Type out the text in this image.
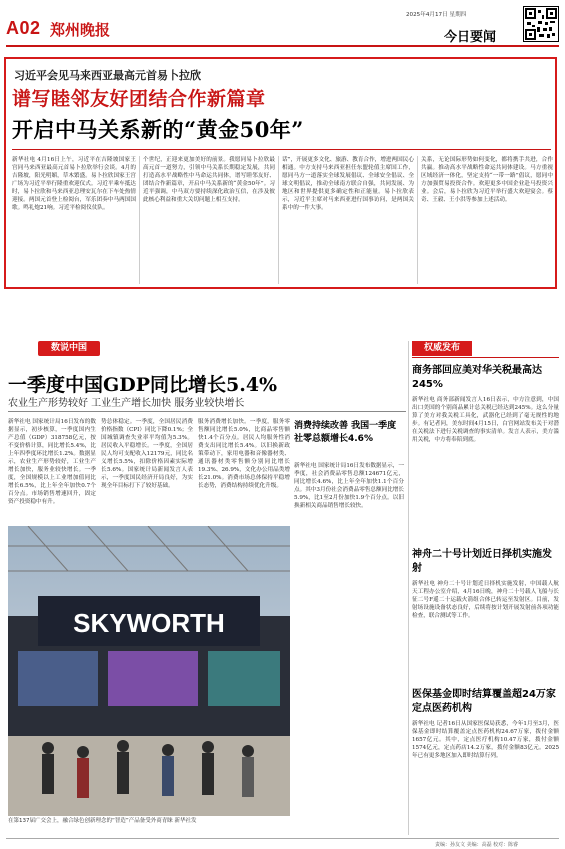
A02 郑州晚报
2025年4月17日 星期四
今日要闻
习近平会见马来西亚最高元首易卜拉欣
谱写睦邻友好团结合作新篇章
开启中马关系新的“黄金50年”
新华社电 4月16日上午，习近平在吉隆坡国家王宫同马来西亚最高元首易卜拉欣举行会谈。4月的吉隆坡，阳光明媚，草木繁盛。易卜拉欣国家王宫广场为习近平举行隆重欢迎仪式。习近平乘车抵达时，易卜拉欣和马来西亚总理安瓦尔在下车处热情迎接。两国元首登上检阅台，军乐团奏中马两国国歌。鸣礼炮21响。习近平检阅仪仗队。
个世纪，正迎来更加美好的前景。我愿同易卜拉欣最高元首一道努力，引领中马关系长期稳定发展，共同打造高水平战略性中马命运共同体，谱写睦邻友好、团结合作新篇章，开启中马关系新的“黄金50年”。习近平强调，中马双方要持续深化政治互信，在涉及彼此核心利益和重大关切问题上相互支持。
话”，开展更多文化、旅游、教育合作，增进两国民心相通。中方支持马来西亚担任东盟轮值主席国工作，愿同马方一道落实全球发展倡议、全球安全倡议、全球文明倡议，推动全球南方联合自强，共同发展、为地区和世界提供更多确定性和正能量。易卜拉欣表示，习近平主席对马来西亚进行国事访问，是两国关系中的一件大事。
关系，无论国际形势如何变化，都将携手共进，合作共赢。推动高水平战略性命运共同体建设。马方重视区域经济一体化，坚定支持“一带一路”倡议，愿同中方加强贸易投资合作。欢迎更多中国企业赴马投资兴业。会后，易卜拉欣为习近平举行盛大欢迎宴会。蔡奇、王毅、王小洪等参加上述活动。
数说中国
一季度中国GDP同比增长5.4%
农业生产形势较好 工业生产增长加快 服务业较快增长
新华社电 国家统计局16日发布的数据显示，初步核算，一季度国内生产总值（GDP）318758亿元，按不变价格计算，同比增长5.4%，比上年四季度环比增长1.2%。数据显示，农业生产形势较好，工业生产增长加快，服务业较快增长。一季度，全国规模以上工业增加值同比增长6.5%，比上年全年加快0.7个百分点。市场销售增速回升，固定资产投资稳中有升。
势总体稳定。一季度，全国居民消费价格指数（CPI）同比下降0.1%；全国城镇调查失业率平均值为5.3%。居民收入平稳增长。一季度，全国居民人均可支配收入12179元，同比名义增长5.5%，扣除价格因素实际增长5.6%。国家统计局新闻发言人表示，一季度国民经济开局良好，为实现全年目标打下了较好基础。
服务消费增长加快。一季度，服务零售额同比增长5.0%，比商品零售额快1.4个百分点。居民人均服务性消费支出同比增长5.4%。以旧换新政策带动下，家用电器和音像器材类、通讯器材类零售额分别同比增长19.3%、26.9%，文化办公用品类增长21.0%。消费市场总体保持平稳增长态势，消费结构持续优化升级。
SKYWORTH
在第137届广交会上，融合绿色创新理念的“智造”产品备受外商青睐 新华社发
消费持续改善 我国一季度社零总额增长4.6%
新华社电 国家统计局16日发布数据显示，一季度，社会消费品零售总额124671亿元，同比增长4.6%，比上年全年加快1.1个百分点。其中3月份社会消费品零售总额同比增长5.9%，比1至2月份加快1.9个百分点。以旧换新相关商品销售增长较快。
权威发布
商务部回应美对华关税最高达245%
新华社电 商务部新闻发言人16日表示，中方注意到，中国出口美国的个别商品累计总关税已经达到245%。这么分量算了美方对我关税工具化，武器化已经到了毫无规性的地步。有记者问，美东时间4月15日，白宫网站发布关于对潜在关税法下进行关税调查的事实清单。发言人表示，美方滥用关税，中方将奉陪到底。
神舟二十号计划近日择机实施发射
新华社电 神舟二十号计划近日择机实施发射，中国载人航天工程办公室介绍，4月16日晚，神舟二十号载人飞船与长征二号F遥二十运载火箭组合体已转运至发射区。目前，发射场设施设备状态良好，后续将按计划开展发射前各项功能检查，联合测试等工作。
医保基金即时结算覆盖超24万家定点医药机构
新华社电 记者16日从国家医保局获悉，今年1月至3月，医保基金即时结算覆盖定点医药机构24.67万家，拨付金额1657亿元。其中，定点医疗机构10.47万家，拨付金额1574亿元，定点药店14.2万家，拨付金额83亿元。2025年已有更多地区加入即时结算行列。
责编：孙友文 美编：高磊 校对：陈睿
